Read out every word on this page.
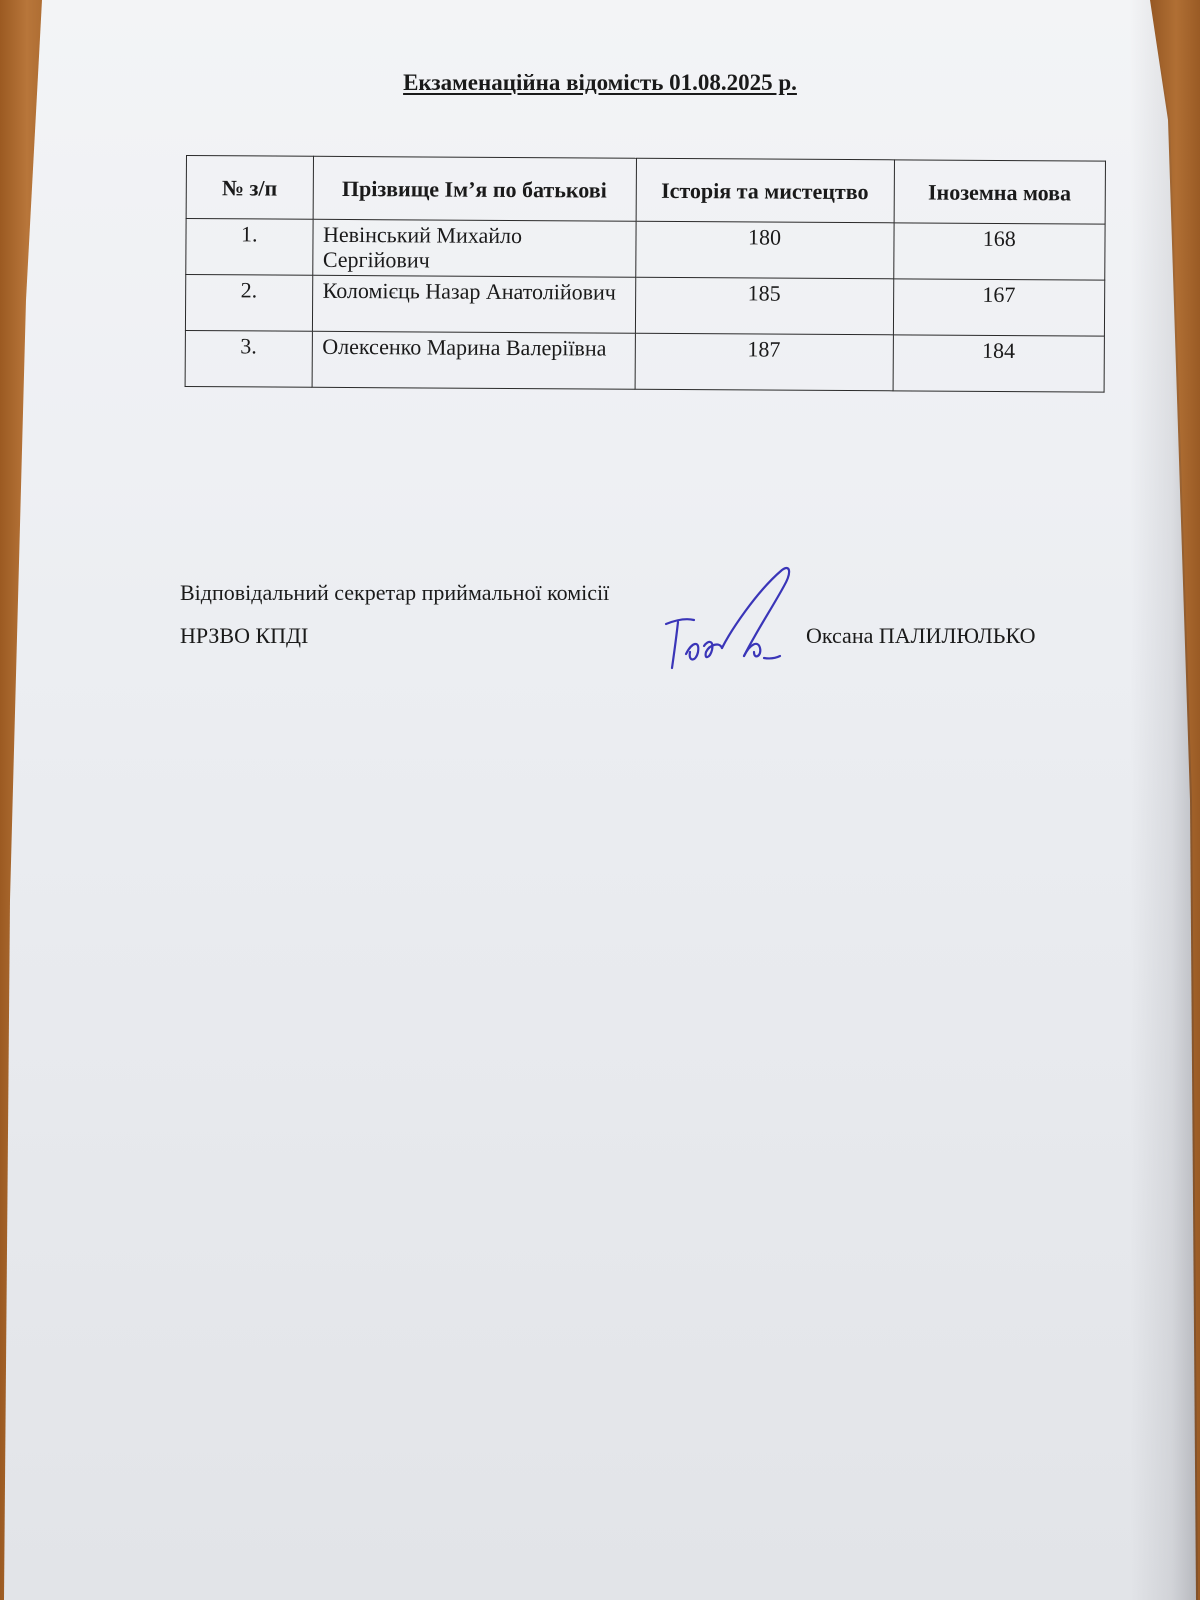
Екзаменаційна відомість 01.08.2025 р.
№ з/п	Прізвище Ім’я по батькові	Історія та мистецтво	Іноземна мова
1.	Невінський Михайло Сергійович	180	168
2.	Коломієць Назар Анатолійович	185	167
3.	Олексенко Марина Валеріївна	187	184

Відповідальний секретар приймальної комісії

НРЗВО КПДІ	Оксана ПАЛИЛЮЛЬКО
